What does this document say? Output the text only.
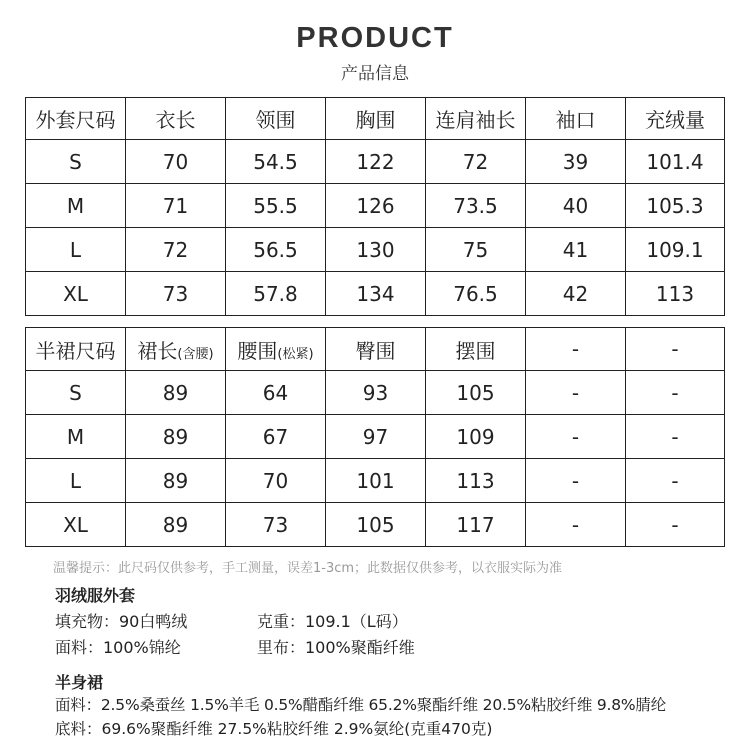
PRODUCT
产品信息
外套尺码	衣长	领围	胸围	连肩袖长	袖口	充绒量
S	70	54.5	122	72	39	101.4
M	71	55.5	126	73.5	40	105.3
L	72	56.5	130	75	41	109.1
XL	73	57.8	134	76.5	42	113
半裙尺码	裙长(含腰)	腰围(松紧)	臀围	摆围	-	-
S	89	64	93	105	-	-
M	89	67	97	109	-	-
L	89	70	101	113	-	-
XL	89	73	105	117	-	-
温馨提示：此尺码仅供参考，手工测量，误差1-3cm；此数据仅供参考，以衣服实际为准
羽绒服外套
填充物：90白鸭绒	克重：109.1（L码）
面料：100%锦纶	里布：100%聚酯纤维
半身裙
面料：2.5%桑蚕丝 1.5%羊毛 0.5%醋酯纤维 65.2%聚酯纤维 20.5%粘胶纤维 9.8%腈纶
底料：69.6%聚酯纤维 27.5%粘胶纤维 2.9%氨纶(克重470克)
